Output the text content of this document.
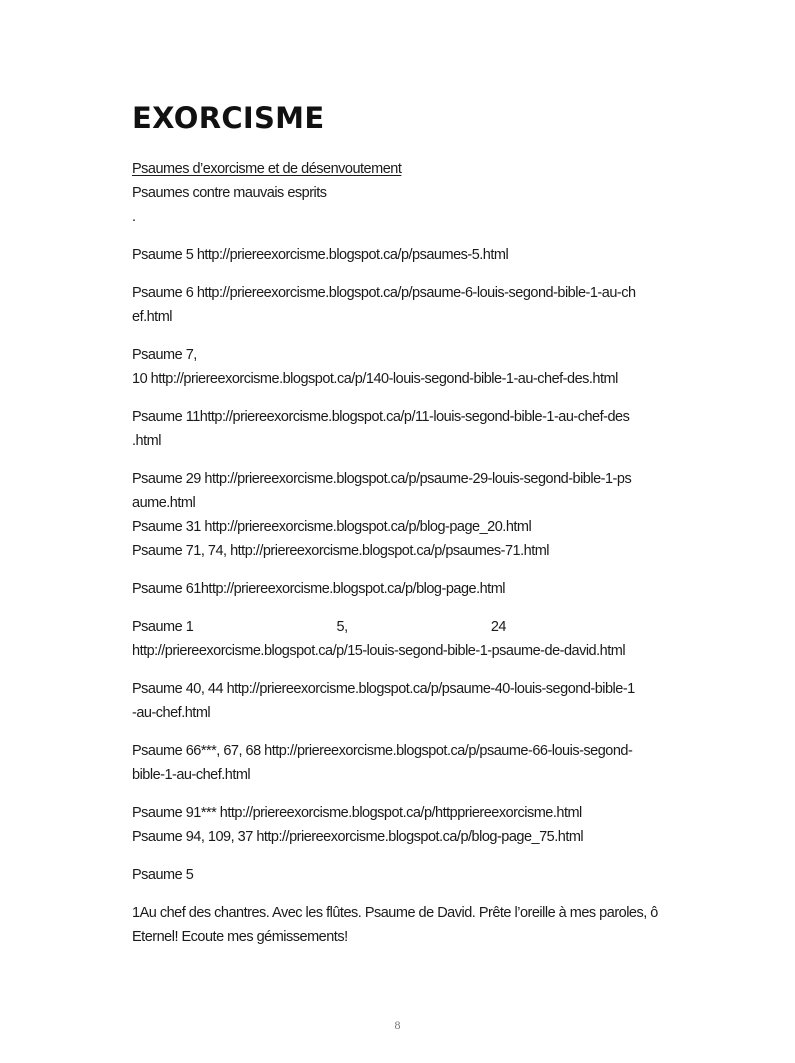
EXORCISME
Psaumes d’exorcisme et de désenvoutement
Psaumes contre mauvais esprits
.
Psaume 5 http://priereexorcisme.blogspot.ca/p/psaumes-5.html
Psaume 6 http://priereexorcisme.blogspot.ca/p/psaume-6-louis-segond-bible-1-au-ch
ef.html
Psaume 7,
10 http://priereexorcisme.blogspot.ca/p/140-louis-segond-bible-1-au-chef-des.html
Psaume 11http://priereexorcisme.blogspot.ca/p/11-louis-segond-bible-1-au-chef-des
.html
Psaume 29 http://priereexorcisme.blogspot.ca/p/psaume-29-louis-segond-bible-1-ps
aume.html
Psaume 31 http://priereexorcisme.blogspot.ca/p/blog-page_20.html
Psaume 71, 74, http://priereexorcisme.blogspot.ca/p/psaumes-71.html
Psaume 61http://priereexorcisme.blogspot.ca/p/blog-page.html
Psaume 1	5,	24
http://priereexorcisme.blogspot.ca/p/15-louis-segond-bible-1-psaume-de-david.html
Psaume 40, 44 http://priereexorcisme.blogspot.ca/p/psaume-40-louis-segond-bible-1
-au-chef.html
Psaume 66***, 67, 68 http://priereexorcisme.blogspot.ca/p/psaume-66-louis-segond-
bible-1-au-chef.html
Psaume 91*** http://priereexorcisme.blogspot.ca/p/httppriereexorcisme.html
Psaume 94, 109, 37 http://priereexorcisme.blogspot.ca/p/blog-page_75.html
Psaume 5
1Au chef des chantres. Avec les flûtes. Psaume de David. Prête l’oreille à mes paroles, ô
Eternel! Ecoute mes gémissements!
8
